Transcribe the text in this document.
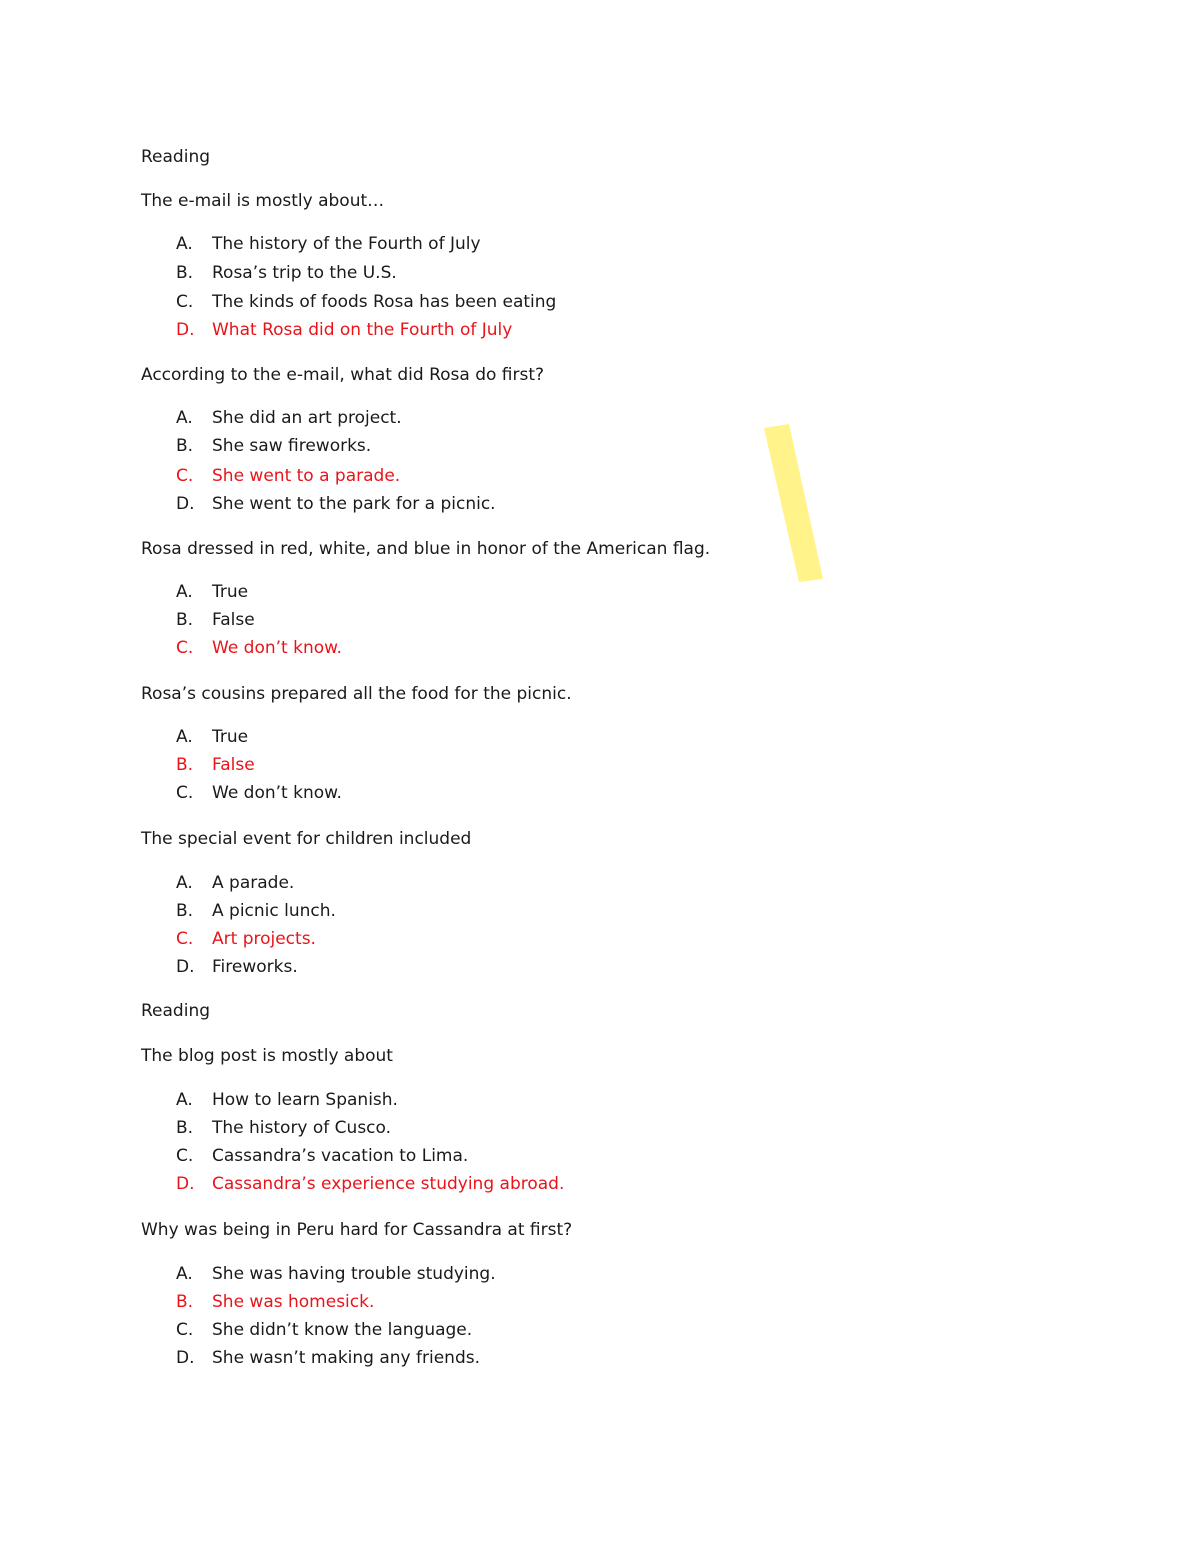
Reading
The e-mail is mostly about…
A. The history of the Fourth of July
B. Rosa’s trip to the U.S.
C. The kinds of foods Rosa has been eating
D. What Rosa did on the Fourth of July
According to the e-mail, what did Rosa do first?
A. She did an art project.
B. She saw fireworks.
C. She went to a parade.
D. She went to the park for a picnic.
Rosa dressed in red, white, and blue in honor of the American flag.
A. True
B. False
C. We don’t know.
Rosa’s cousins prepared all the food for the picnic.
A. True
B. False
C. We don’t know.
The special event for children included
A. A parade.
B. A picnic lunch.
C. Art projects.
D. Fireworks.
Reading
The blog post is mostly about
A. How to learn Spanish.
B. The history of Cusco.
C. Cassandra’s vacation to Lima.
D. Cassandra’s experience studying abroad.
Why was being in Peru hard for Cassandra at first?
A. She was having trouble studying.
B. She was homesick.
C. She didn’t know the language.
D. She wasn’t making any friends.
